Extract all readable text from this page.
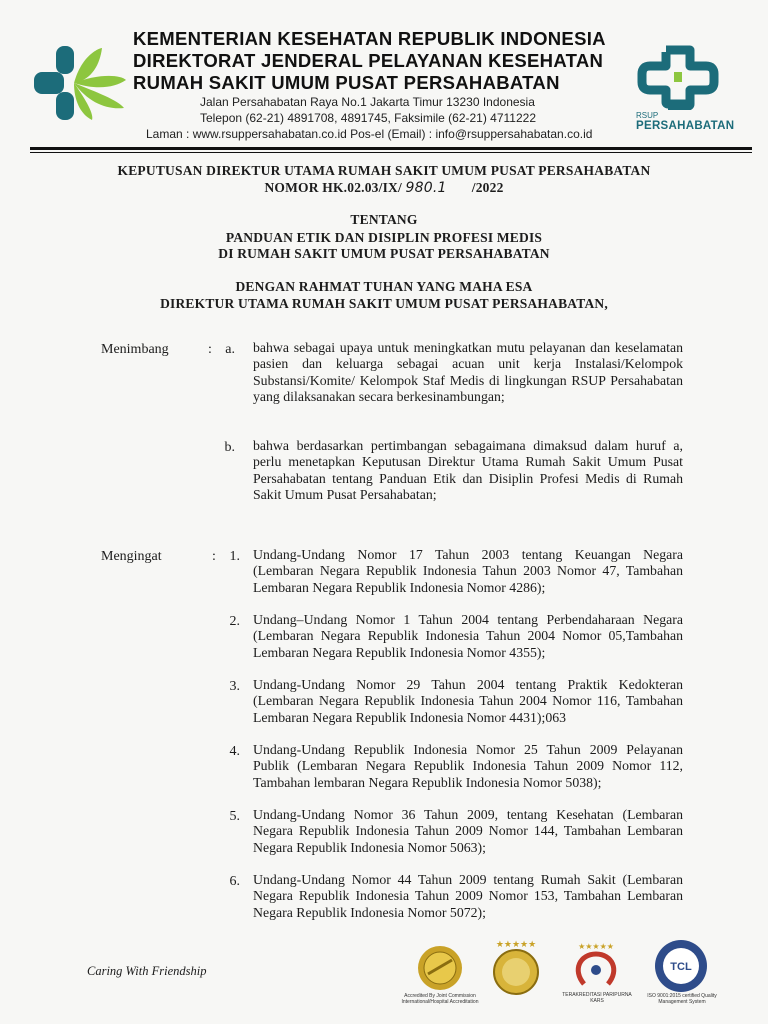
KEMENTERIAN KESEHATAN REPUBLIK INDONESIA
DIREKTORAT JENDERAL PELAYANAN KESEHATAN
RUMAH SAKIT UMUM PUSAT PERSAHABATAN
Jalan Persahabatan Raya No.1 Jakarta Timur 13230 Indonesia
Telepon (62-21) 4891708, 4891745, Faksimile (62-21) 4711222
Laman : www.rsuppersahabatan.co.id Pos-el (Email) : info@rsuppersahabatan.co.id
RSUP
PERSAHABATAN
KEPUTUSAN DIREKTUR UTAMA RUMAH SAKIT UMUM PUSAT PERSAHABATAN
NOMOR HK.02.03/IX/ 980.1 /2022
TENTANG
PANDUAN ETIK DAN DISIPLIN PROFESI MEDIS
DI RUMAH SAKIT UMUM PUSAT PERSAHABATAN
DENGAN RAHMAT TUHAN YANG MAHA ESA
DIREKTUR UTAMA RUMAH SAKIT UMUM PUSAT PERSAHABATAN,
Menimbang	: a. bahwa sebagai upaya untuk meningkatkan mutu pelayanan dan keselamatan pasien dan keluarga sebagai acuan unit kerja Instalasi/Kelompok Substansi/Komite/ Kelompok Staf Medis di lingkungan RSUP Persahabatan yang dilaksanakan secara berkesinambungan;
b. bahwa berdasarkan pertimbangan sebagaimana dimaksud dalam huruf a, perlu menetapkan Keputusan Direktur Utama Rumah Sakit Umum Pusat Persahabatan tentang Panduan Etik dan Disiplin Profesi Medis di Rumah Sakit Umum Pusat Persahabatan;
Mengingat	: 1. Undang-Undang Nomor 17 Tahun 2003 tentang Keuangan Negara (Lembaran Negara Republik Indonesia Tahun 2003 Nomor 47, Tambahan Lembaran Negara Republik Indonesia Nomor 4286);
2. Undang–Undang Nomor 1 Tahun 2004 tentang Perbendaharaan Negara (Lembaran Negara Republik Indonesia Tahun 2004 Nomor 05,Tambahan Lembaran Negara Republik Indonesia Nomor 4355);
3. Undang-Undang Nomor 29 Tahun 2004 tentang Praktik Kedokteran (Lembaran Negara Republik Indonesia Tahun 2004 Nomor 116, Tambahan Lembaran Negara Republik Indonesia Nomor 4431);063
4. Undang-Undang Republik Indonesia Nomor 25 Tahun 2009 Pelayanan Publik (Lembaran Negara Republik Indonesia Tahun 2009 Nomor 112, Tambahan lembaran Negara Republik Indonesia Nomor 5038);
5. Undang-Undang Nomor 36 Tahun 2009, tentang Kesehatan (Lembaran Negara Republik Indonesia Tahun 2009 Nomor 144, Tambahan Lembaran Negara Republik Indonesia Nomor 5063);
6. Undang-Undang Nomor 44 Tahun 2009 tentang Rumah Sakit (Lembaran Negara Republik Indonesia Tahun 2009 Nomor 153, Tambahan Lembaran Negara Republik Indonesia Nomor 5072);
Caring With Friendship
Accredited By Joint Commission International/Hospital Accreditation
★★★★★	★★★★★
TERAKREDITASI PARIPURNA KARS
TCL
ISO 9001:2015 certified Quality Management System
